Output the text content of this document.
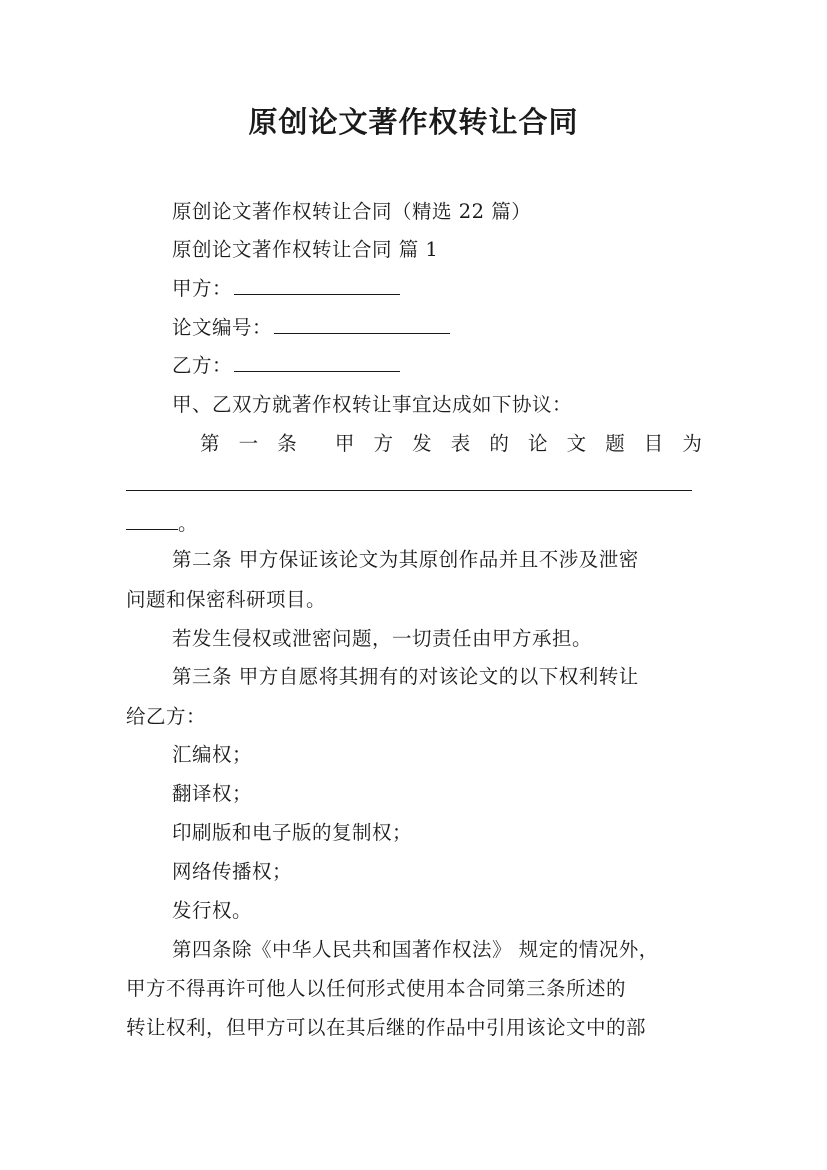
原创论文著作权转让合同
原创论文著作权转让合同（精选 22 篇）
原创论文著作权转让合同 篇 1
甲方：
论文编号：
乙方：
甲、乙双方就著作权转让事宜达成如下协议：
第 一 条 甲 方 发 表 的 论 文 题 目 为
。
第二条 甲方保证该论文为其原创作品并且不涉及泄密
问题和保密科研项目。
若发生侵权或泄密问题，一切责任由甲方承担。
第三条 甲方自愿将其拥有的对该论文的以下权利转让
给乙方：
汇编权；
翻译权；
印刷版和电子版的复制权；
网络传播权；
发行权。
第四条除《中华人民共和国著作权法》 规定的情况外，
甲方不得再许可他人以任何形式使用本合同第三条所述的
转让权利，但甲方可以在其后继的作品中引用该论文中的部
